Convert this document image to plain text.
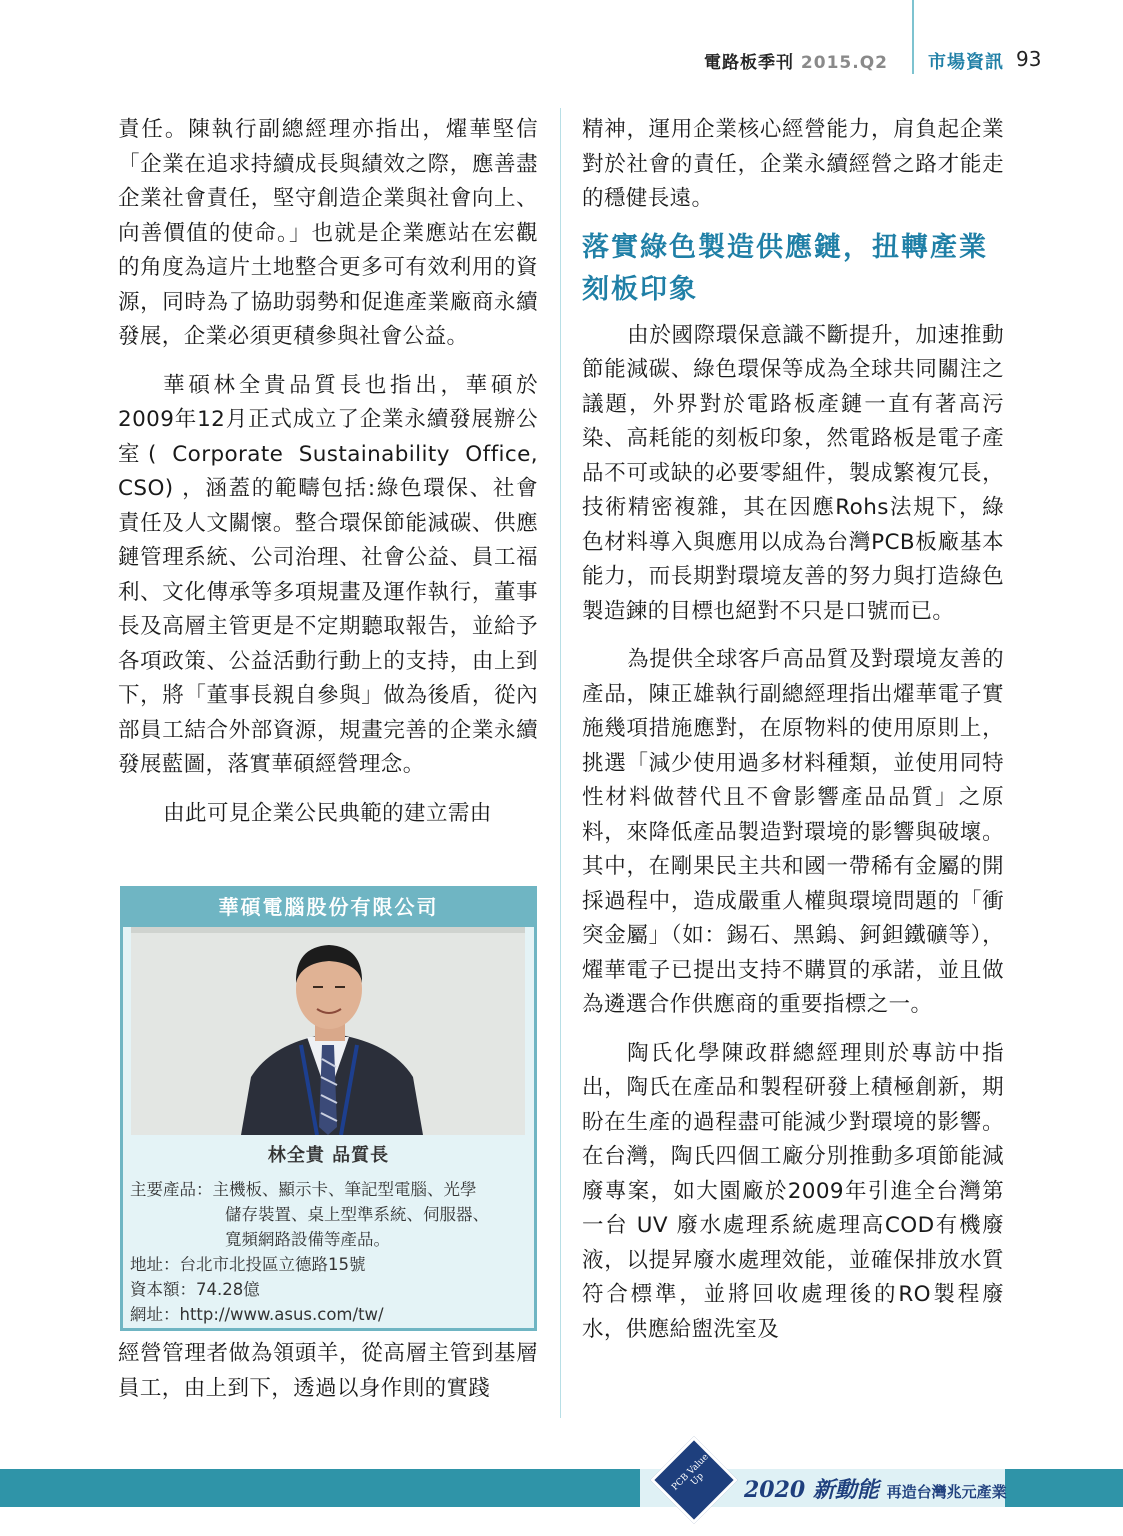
電路板季刊 2015.Q2 市場資訊 93

責任。陳執行副總經理亦指出，燿華堅信「企業在追求持續成長與績效之際，應善盡企業社會責任，堅守創造企業與社會向上、向善價值的使命。」也就是企業應站在宏觀的角度為這片土地整合更多可有效利用的資源，同時為了協助弱勢和促進產業廠商永續發展，企業必須更積參與社會公益。

華碩林全貴品質長也指出，華碩於2009年12月正式成立了企業永續發展辦公室( Corporate Sustainability Office, CSO) ，涵蓋的範疇包括:綠色環保、社會責任及人文關懷。整合環保節能減碳、供應鏈管理系統、公司治理、社會公益、員工福利、文化傳承等多項規畫及運作執行，董事長及高層主管更是不定期聽取報告，並給予各項政策、公益活動行動上的支持，由上到下，將「董事長親自參與」做為後盾，從內部員工結合外部資源，規畫完善的企業永續發展藍圖，落實華碩經營理念。

由此可見企業公民典範的建立需由

華碩電腦股份有限公司
林全貴 品質長
主要產品：主機板、顯示卡、筆記型電腦、光學
儲存裝置、桌上型準系統、伺服器、
寬頻網路設備等產品。
地址：台北市北投區立德路15號
資本額：74.28億
網址：http://www.asus.com/tw/

經營管理者做為領頭羊，從高層主管到基層員工，由上到下，透過以身作則的實踐

精神，運用企業核心經營能力，肩負起企業對於社會的責任，企業永續經營之路才能走的穩健長遠。

落實綠色製造供應鏈，扭轉產業刻板印象

由於國際環保意識不斷提升，加速推動節能減碳、綠色環保等成為全球共同關注之議題，外界對於電路板產鏈一直有著高污染、高耗能的刻板印象，然電路板是電子產品不可或缺的必要零組件，製成繁複冗長，技術精密複雜，其在因應Rohs法規下，綠色材料導入與應用以成為台灣PCB板廠基本能力，而長期對環境友善的努力與打造綠色製造鍊的目標也絕對不只是口號而已。

為提供全球客戶高品質及對環境友善的產品，陳正雄執行副總經理指出燿華電子實施幾項措施應對，在原物料的使用原則上，挑選「減少使用過多材料種類，並使用同特性材料做替代且不會影響產品品質」之原料，來降低產品製造對環境的影響與破壞。其中，在剛果民主共和國一帶稀有金屬的開採過程中，造成嚴重人權與環境問題的「衝突金屬」（如：錫石、黑鎢、鈳鉭鐵礦等），燿華電子已提出支持不購買的承諾，並且做為遴選合作供應商的重要指標之一。

陶氏化學陳政群總經理則於專訪中指出，陶氏在產品和製程研發上積極創新，期盼在生產的過程盡可能減少對環境的影響。在台灣，陶氏四個工廠分別推動多項節能減廢專案，如大園廠於2009年引進全台灣第一台 UV 廢水處理系統處理高COD有機廢液，以提昇廢水處理效能，並確保排放水質符合標準，並將回收處理後的RO製程廢水，供應給盥洗室及

PCB Value Up	2020 新動能 再造台灣兆元產業
